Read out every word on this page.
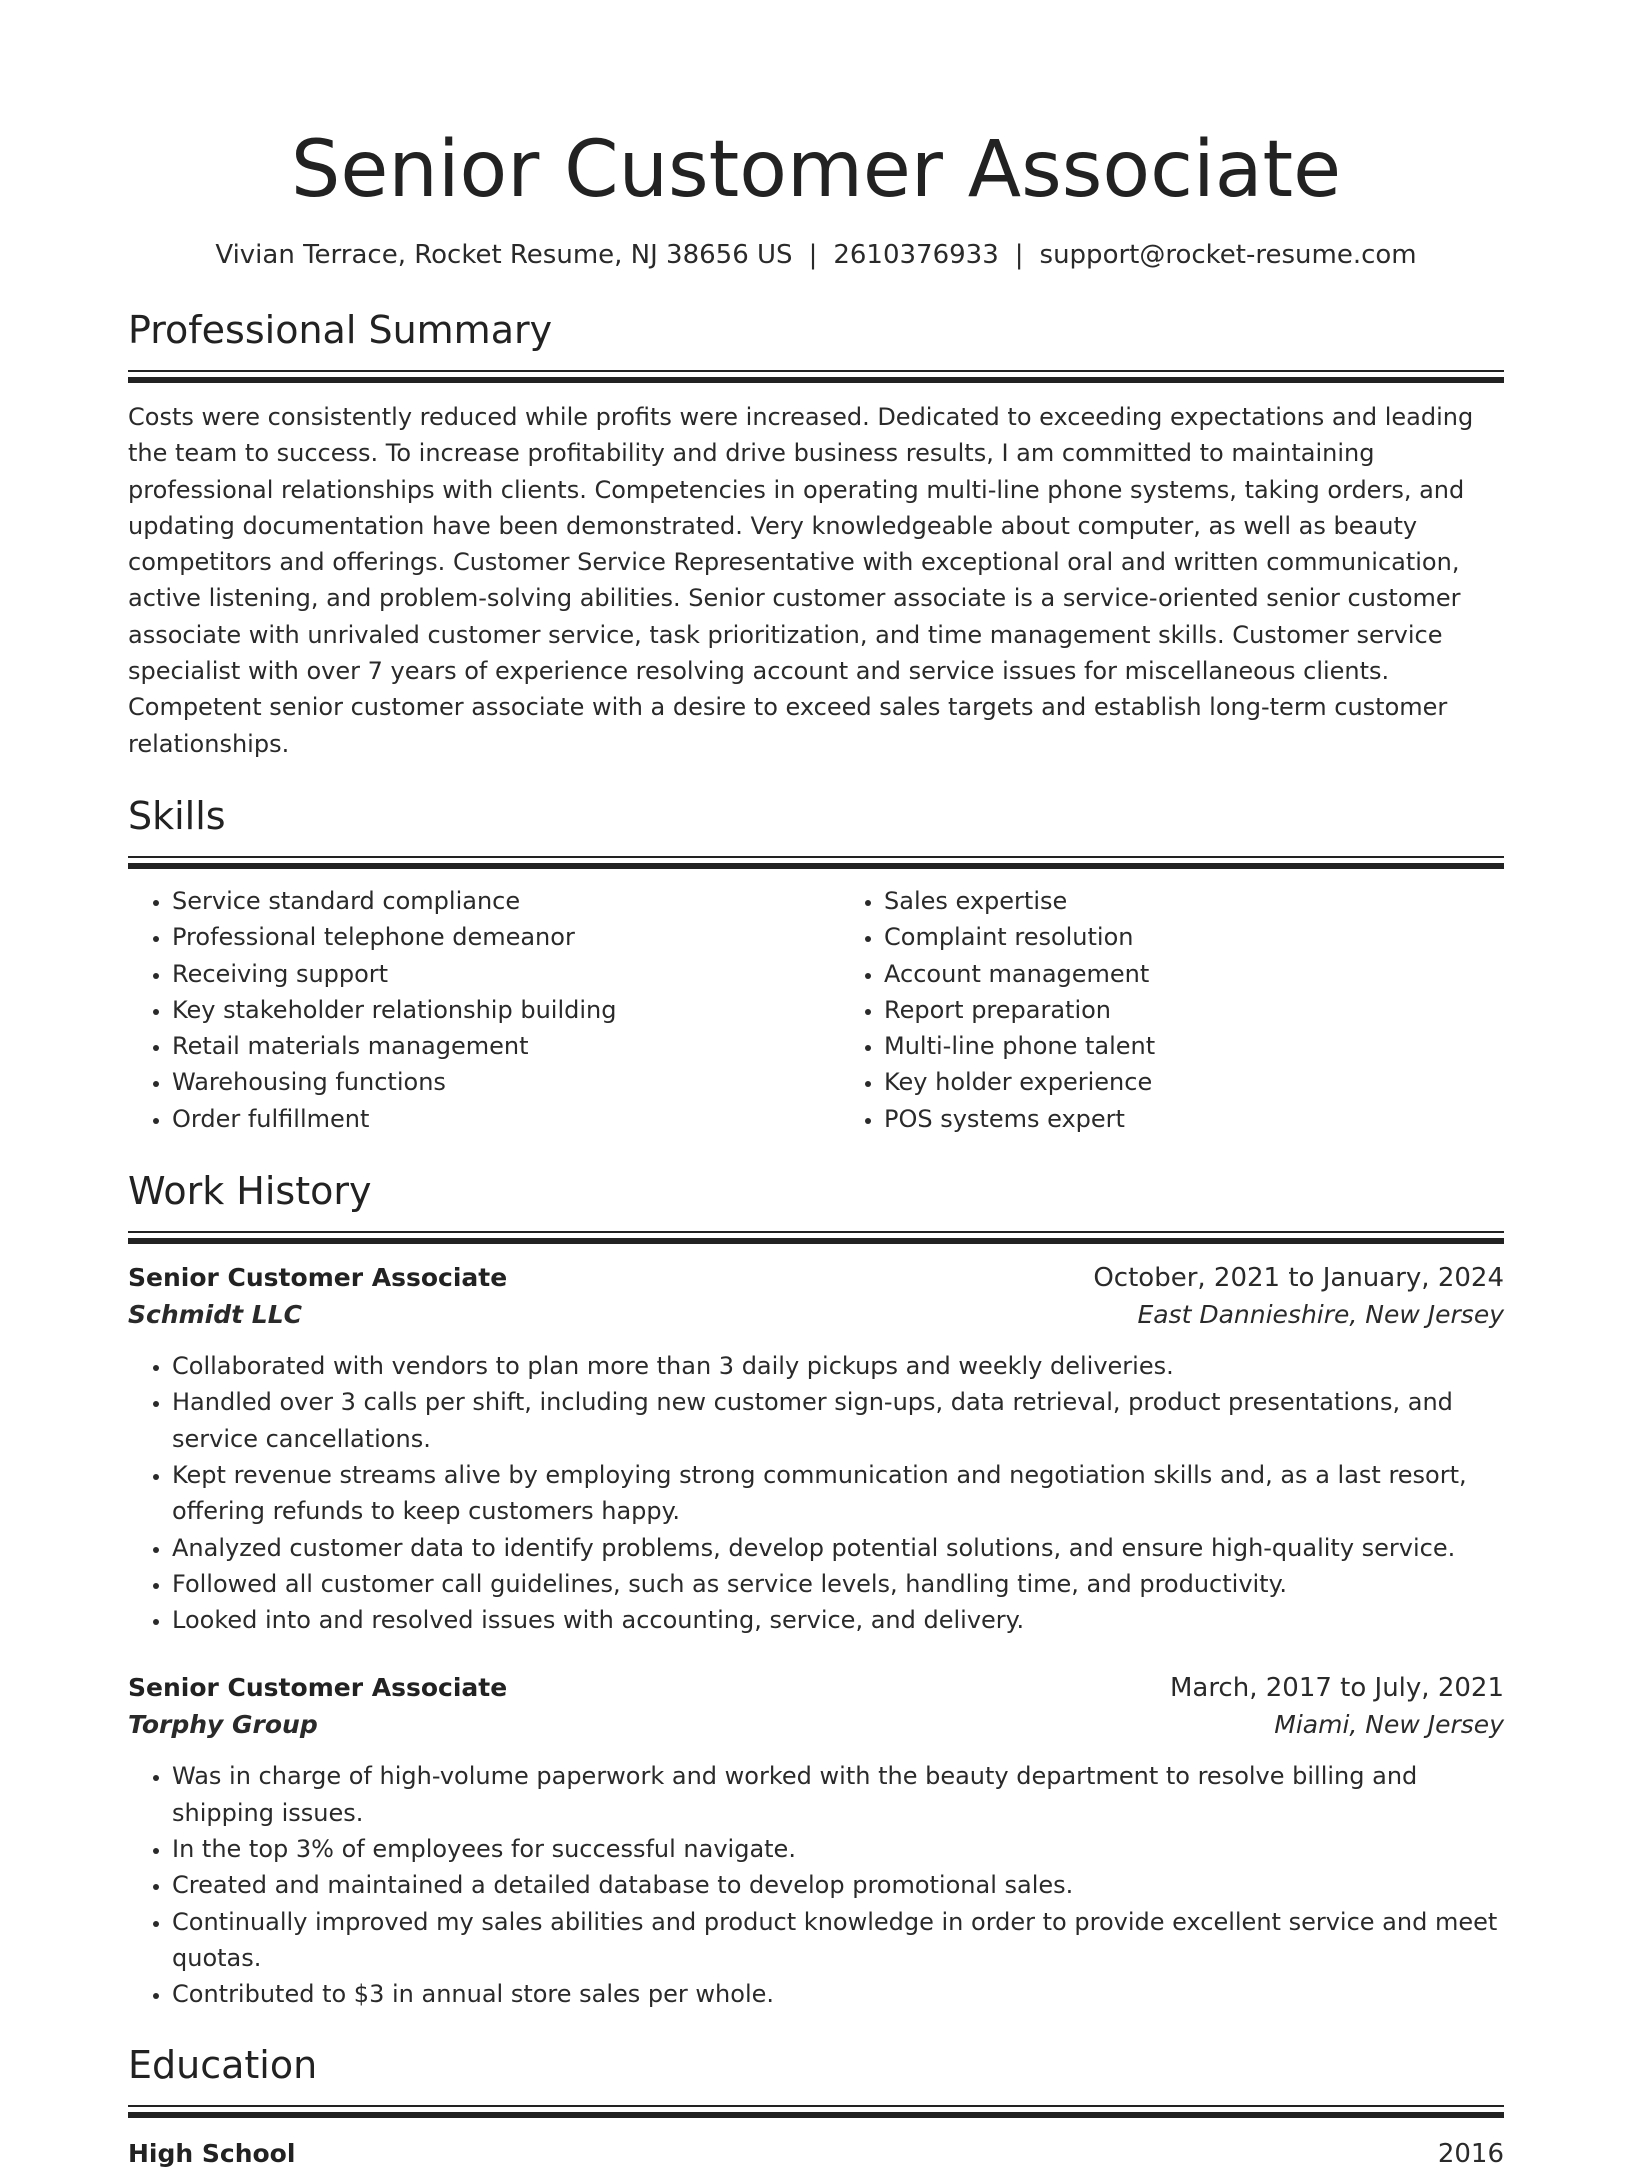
Senior Customer Associate
Vivian Terrace, Rocket Resume, NJ 38656 US | 2610376933 | support@rocket-resume.com
Professional Summary

Costs were consistently reduced while profits were increased. Dedicated to exceeding expectations and leading the team to success. To increase profitability and drive business results, I am committed to maintaining professional relationships with clients. Competencies in operating multi-line phone systems, taking orders, and updating documentation have been demonstrated. Very knowledgeable about computer, as well as beauty competitors and offerings. Customer Service Representative with exceptional oral and written communication, active listening, and problem-solving abilities. Senior customer associate is a service-oriented senior customer associate with unrivaled customer service, task prioritization, and time management skills. Customer service specialist with over 7 years of experience resolving account and service issues for miscellaneous clients. Competent senior customer associate with a desire to exceed sales targets and establish long-term customer relationships.

Skills
• Service standard compliance
• Professional telephone demeanor
• Receiving support
• Key stakeholder relationship building
• Retail materials management
• Warehousing functions
• Order fulfillment
• Sales expertise
• Complaint resolution
• Account management
• Report preparation
• Multi-line phone talent
• Key holder experience
• POS systems expert
Work History
Senior Customer Associate	October, 2021 to January, 2024
Schmidt LLC	East Dannieshire, New Jersey
• Collaborated with vendors to plan more than 3 daily pickups and weekly deliveries.
• Handled over 3 calls per shift, including new customer sign-ups, data retrieval, product presentations, and service cancellations.
• Kept revenue streams alive by employing strong communication and negotiation skills and, as a last resort, offering refunds to keep customers happy.
• Analyzed customer data to identify problems, develop potential solutions, and ensure high-quality service.
• Followed all customer call guidelines, such as service levels, handling time, and productivity.
• Looked into and resolved issues with accounting, service, and delivery.
Senior Customer Associate	March, 2017 to July, 2021
Torphy Group	Miami, New Jersey
• Was in charge of high-volume paperwork and worked with the beauty department to resolve billing and shipping issues.
• In the top 3% of employees for successful navigate.
• Created and maintained a detailed database to develop promotional sales.
• Continually improved my sales abilities and product knowledge in order to provide excellent service and meet quotas.
• Contributed to $3 in annual store sales per whole.
Education
High School	2016
